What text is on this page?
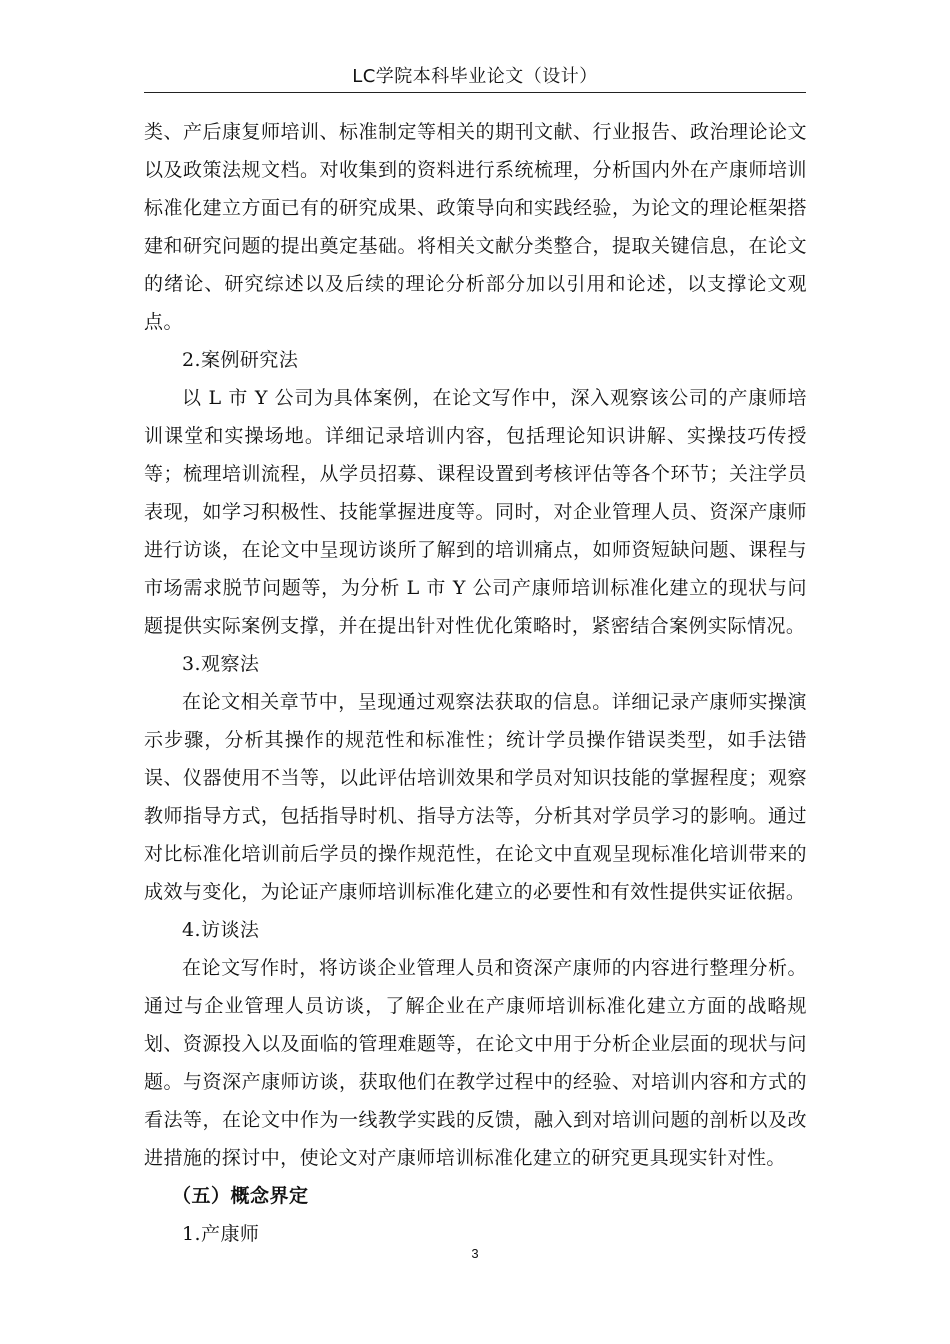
LC学院本科毕业论文（设计）

类、产后康复师培训、标准制定等相关的期刊文献、行业报告、政治理论论文以及政策法规文档。对收集到的资料进行系统梳理，分析国内外在产康师培训标准化建立方面已有的研究成果、政策导向和实践经验，为论文的理论框架搭建和研究问题的提出奠定基础。将相关文献分类整合，提取关键信息，在论文的绪论、研究综述以及后续的理论分析部分加以引用和论述，以支撑论文观点。

2.案例研究法

以 L 市 Y 公司为具体案例，在论文写作中，深入观察该公司的产康师培训课堂和实操场地。详细记录培训内容，包括理论知识讲解、实操技巧传授等；梳理培训流程，从学员招募、课程设置到考核评估等各个环节；关注学员表现，如学习积极性、技能掌握进度等。同时，对企业管理人员、资深产康师进行访谈，在论文中呈现访谈所了解到的培训痛点，如师资短缺问题、课程与市场需求脱节问题等，为分析 L 市 Y 公司产康师培训标准化建立的现状与问题提供实际案例支撑，并在提出针对性优化策略时，紧密结合案例实际情况。

3.观察法

在论文相关章节中，呈现通过观察法获取的信息。详细记录产康师实操演示步骤，分析其操作的规范性和标准性；统计学员操作错误类型，如手法错误、仪器使用不当等，以此评估培训效果和学员对知识技能的掌握程度；观察教师指导方式，包括指导时机、指导方法等，分析其对学员学习的影响。通过对比标准化培训前后学员的操作规范性，在论文中直观呈现标准化培训带来的成效与变化，为论证产康师培训标准化建立的必要性和有效性提供实证依据。

4.访谈法

在论文写作时，将访谈企业管理人员和资深产康师的内容进行整理分析。通过与企业管理人员访谈，了解企业在产康师培训标准化建立方面的战略规划、资源投入以及面临的管理难题等，在论文中用于分析企业层面的现状与问题。与资深产康师访谈，获取他们在教学过程中的经验、对培训内容和方式的看法等，在论文中作为一线教学实践的反馈，融入到对培训问题的剖析以及改进措施的探讨中，使论文对产康师培训标准化建立的研究更具现实针对性。

（五）概念界定

1.产康师

3
